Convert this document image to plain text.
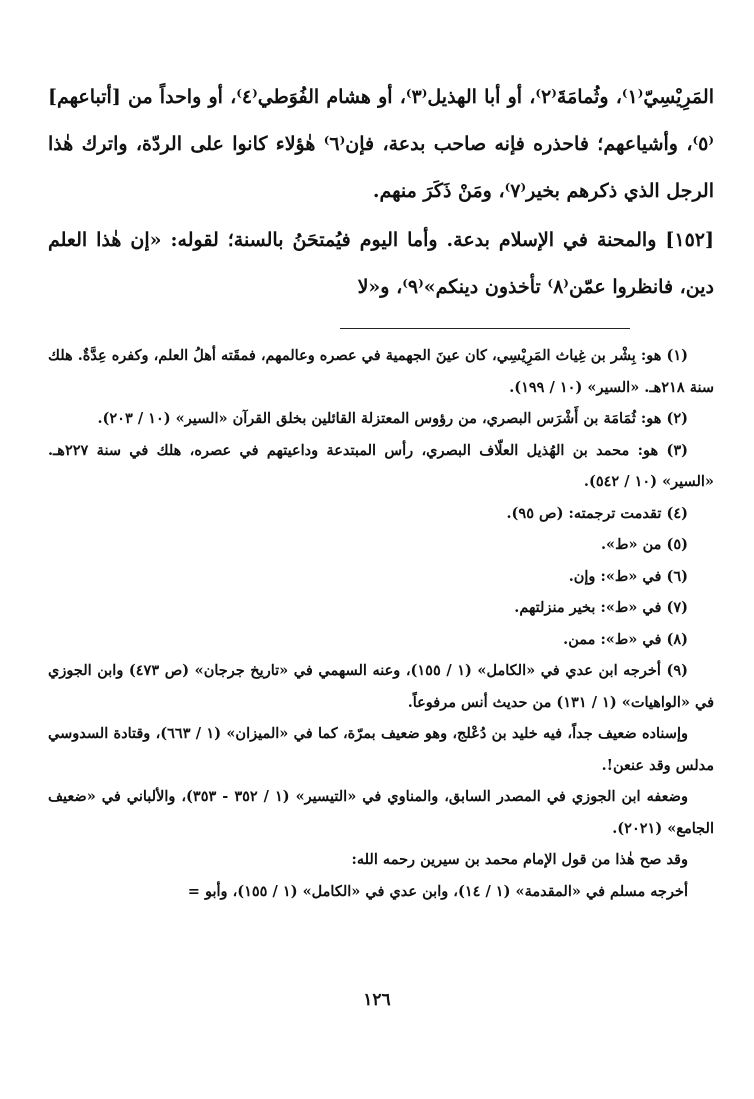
المَرِيْسِيّ⁽١⁾، وثُمامَةَ⁽٢⁾، أو أبا الهذيل⁽٣⁾، أو هشام الفُوَطي⁽٤⁾، أو واحداً من [أتباعهم]⁽٥⁾، وأشياعهم؛ فاحذره فإنه صاحب بدعة، فإن⁽٦⁾ هٰؤلاء كانوا على الردّة، واترك هٰذا الرجل الذي ذكرهم بخير⁽٧⁾، ومَنْ ذَكَرَ منهم.

[١٥٢] والمحنة في الإسلام بدعة. وأما اليوم فيُمتحَنُ بالسنة؛ لقوله: «إن هٰذا العلم دين، فانظروا عمّن⁽٨⁾ تأخذون دينكم»⁽٩⁾، و«لا

(١) هو: بِشْر بن غِياث المَرِيْسِي، كان عينَ الجهمية في عصره وعالمهم، فمقَته أهلُ العلم، وكفره عِدَّةٌ. هلك سنة ٢١٨هـ. «السير» (١٠ / ١٩٩).

(٢) هو: ثُمَامَة بن أَشْرَس البصري، من رؤوس المعتزلة القائلين بخلق القرآن «السير» (١٠ / ٢٠٣).

(٣) هو: محمد بن الهُذيل العلّاف البصري، رأس المبتدعة وداعيتهم في عصره، هلك في سنة ٢٢٧هـ. «السير» (١٠ / ٥٤٢).

(٤) تقدمت ترجمته: (ص ٩٥).

(٥) من «ط».

(٦) في «ط»: وإن.

(٧) في «ط»: بخير منزلتهم.

(٨) في «ط»: ممن.

(٩) أخرجه ابن عدي في «الكامل» (١ / ١٥٥)، وعنه السهمي في «تاريخ جرجان» (ص ٤٧٣) وابن الجوزي في «الواهيات» (١ / ١٣١) من حديث أنس مرفوعاً.

وإسناده ضعيف جداً، فيه خليد بن دُعْلج، وهو ضعيف بمرّة، كما في «الميزان» (١ / ٦٦٣)، وقتادة السدوسي مدلس وقد عنعن!.

وضعفه ابن الجوزي في المصدر السابق، والمناوي في «التيسير» (١ / ٣٥٢ - ٣٥٣)، والألباني في «ضعيف الجامع» (٢٠٢١).

وقد صح هٰذا من قول الإمام محمد بن سيرين رحمه الله:

أخرجه مسلم في «المقدمة» (١ / ١٤)، وابن عدي في «الكامل» (١ / ١٥٥)، وأبو =

١٢٦
